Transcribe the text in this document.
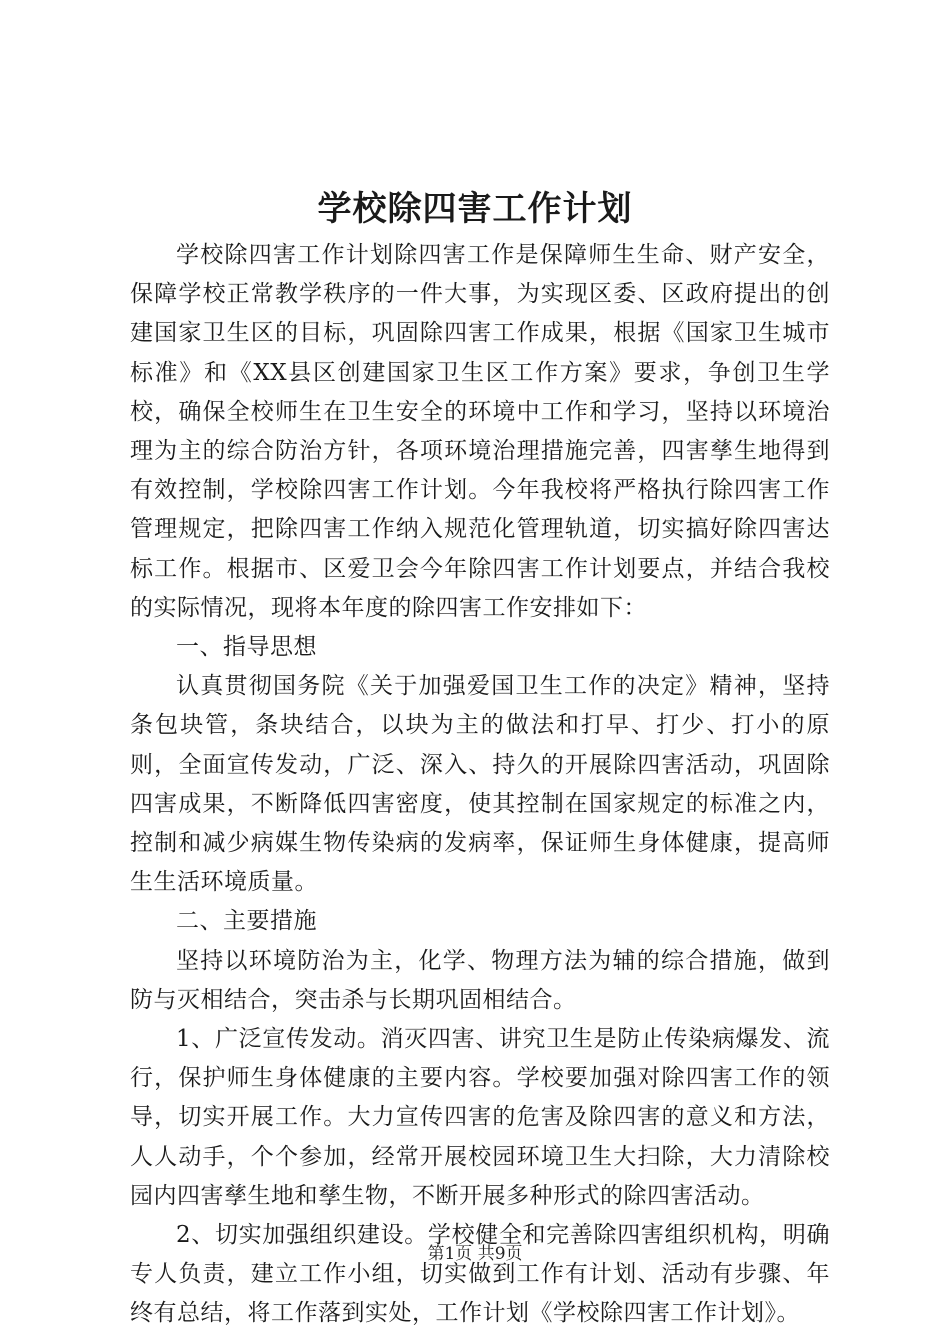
学校除四害工作计划

学校除四害工作计划除四害工作是保障师生生命、财产安全，保障学校正常教学秩序的一件大事，为实现区委、区政府提出的创建国家卫生区的目标，巩固除四害工作成果，根据《国家卫生城市标准》和《XX县区创建国家卫生区工作方案》要求，争创卫生学校，确保全校师生在卫生安全的环境中工作和学习，坚持以环境治理为主的综合防治方针，各项环境治理措施完善，四害孳生地得到有效控制，学校除四害工作计划。今年我校将严格执行除四害工作管理规定，把除四害工作纳入规范化管理轨道，切实搞好除四害达标工作。根据市、区爱卫会今年除四害工作计划要点，并结合我校的实际情况，现将本年度的除四害工作安排如下：

一、指导思想

认真贯彻国务院《关于加强爱国卫生工作的决定》精神，坚持条包块管，条块结合，以块为主的做法和打早、打少、打小的原则，全面宣传发动，广泛、深入、持久的开展除四害活动，巩固除四害成果，不断降低四害密度，使其控制在国家规定的标准之内，控制和减少病媒生物传染病的发病率，保证师生身体健康，提高师生生活环境质量。

二、主要措施

坚持以环境防治为主，化学、物理方法为辅的综合措施，做到防与灭相结合，突击杀与长期巩固相结合。

1、广泛宣传发动。消灭四害、讲究卫生是防止传染病爆发、流行，保护师生身体健康的主要内容。学校要加强对除四害工作的领导，切实开展工作。大力宣传四害的危害及除四害的意义和方法，人人动手，个个参加，经常开展校园环境卫生大扫除，大力清除校园内四害孳生地和孳生物，不断开展多种形式的除四害活动。

2、切实加强组织建设。学校健全和完善除四害组织机构，明确专人负责，建立工作小组，切实做到工作有计划、活动有步骤、年终有总结，将工作落到实处，工作计划《学校除四害工作计划》。

第1页 共9页
